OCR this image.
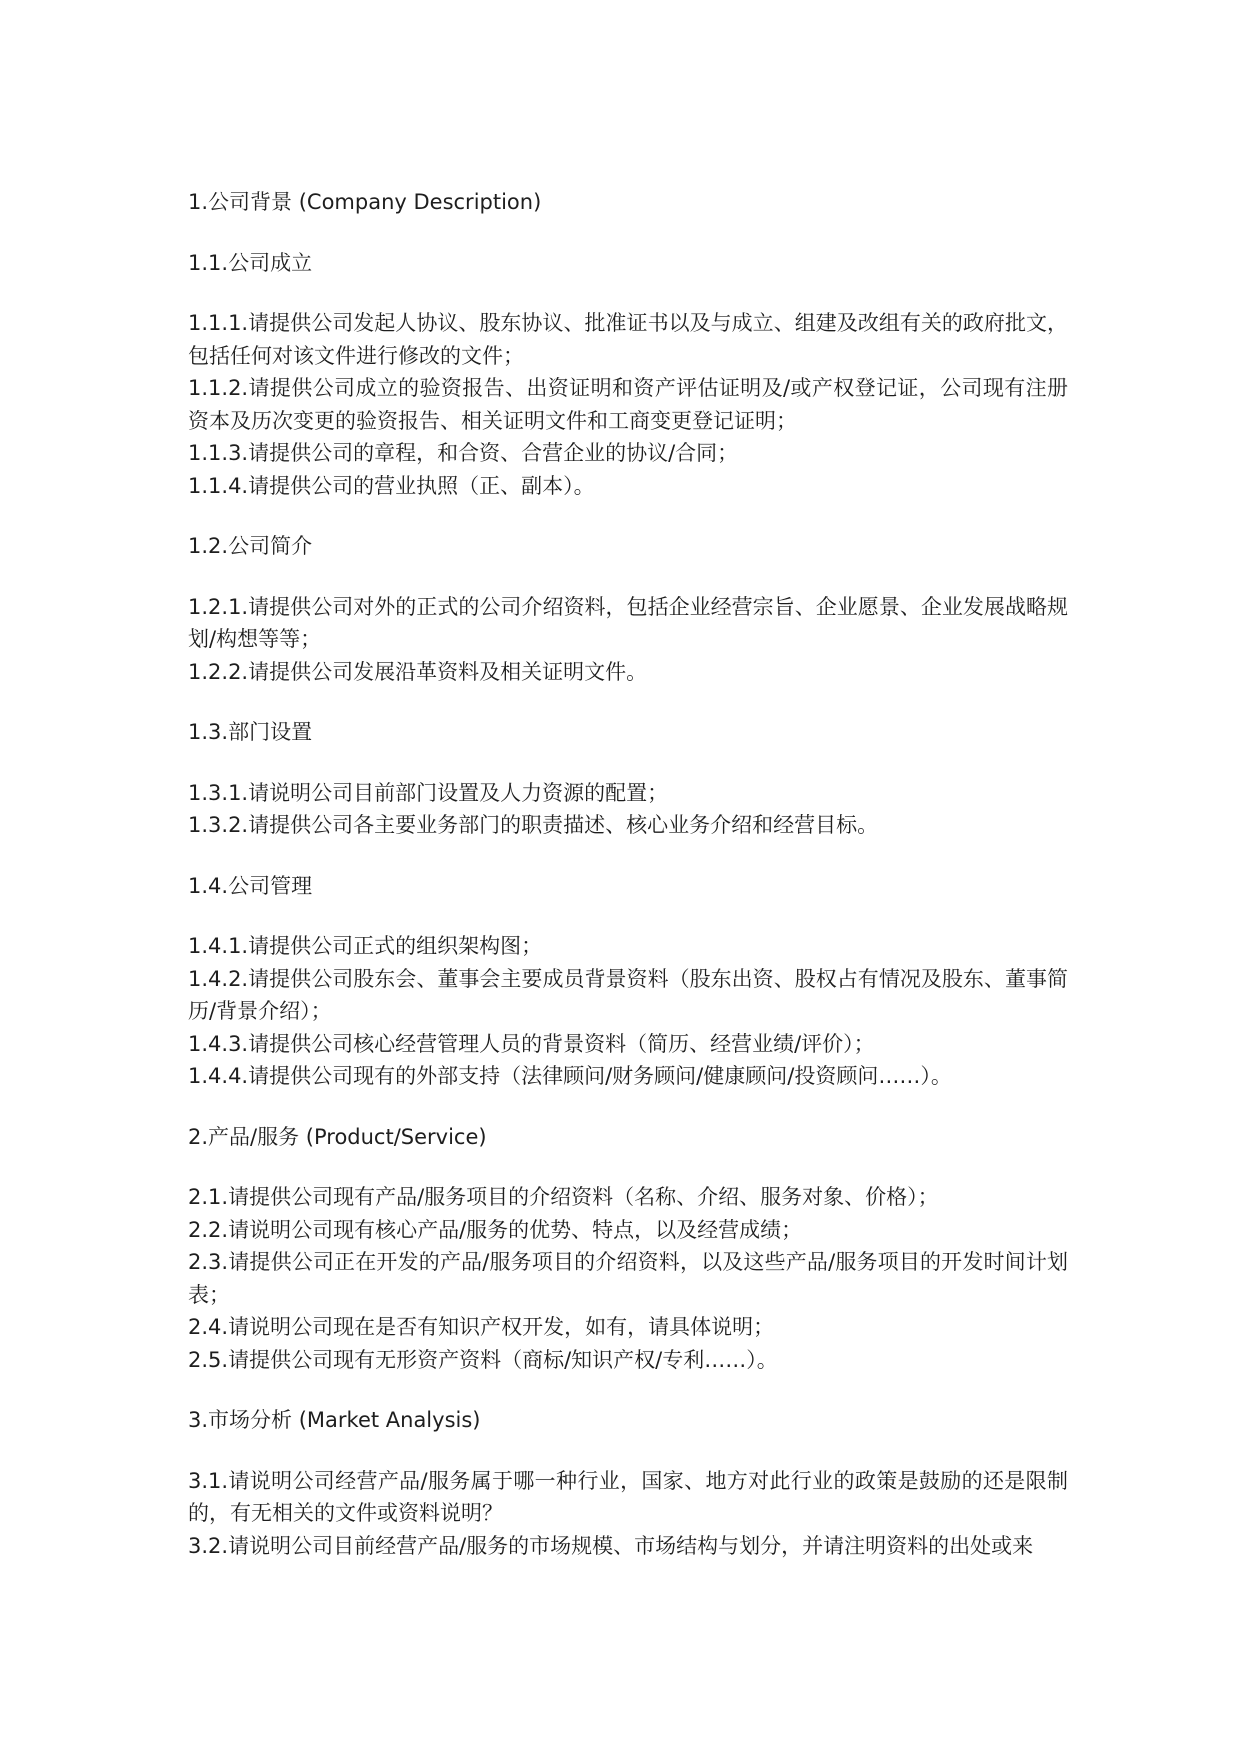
1.公司背景 (Company Description)
1.1.公司成立

1.1.1.请提供公司发起人协议、股东协议、批准证书以及与成立、组建及改组有关的政府批文，包括任何对该文件进行修改的文件；

1.1.2.请提供公司成立的验资报告、出资证明和资产评估证明及/或产权登记证，公司现有注册资本及历次变更的验资报告、相关证明文件和工商变更登记证明；

1.1.3.请提供公司的章程，和合资、合营企业的协议/合同；

1.1.4.请提供公司的营业执照（正、副本）。

1.2.公司简介

1.2.1.请提供公司对外的正式的公司介绍资料，包括企业经营宗旨、企业愿景、企业发展战略规划/构想等等；

1.2.2.请提供公司发展沿革资料及相关证明文件。

1.3.部门设置

1.3.1.请说明公司目前部门设置及人力资源的配置；

1.3.2.请提供公司各主要业务部门的职责描述、核心业务介绍和经营目标。

1.4.公司管理

1.4.1.请提供公司正式的组织架构图；

1.4.2.请提供公司股东会、董事会主要成员背景资料（股东出资、股权占有情况及股东、董事简历/背景介绍）；

1.4.3.请提供公司核心经营管理人员的背景资料（简历、经营业绩/评价）；

1.4.4.请提供公司现有的外部支持（法律顾问/财务顾问/健康顾问/投资顾问……）。

2.产品/服务 (Product/Service)

2.1.请提供公司现有产品/服务项目的介绍资料（名称、介绍、服务对象、价格）；

2.2.请说明公司现有核心产品/服务的优势、特点，以及经营成绩；

2.3.请提供公司正在开发的产品/服务项目的介绍资料，以及这些产品/服务项目的开发时间计划表；

2.4.请说明公司现在是否有知识产权开发，如有，请具体说明；

2.5.请提供公司现有无形资产资料（商标/知识产权/专利……）。

3.市场分析 (Market Analysis)

3.1.请说明公司经营产品/服务属于哪一种行业，国家、地方对此行业的政策是鼓励的还是限制的，有无相关的文件或资料说明？

3.2.请说明公司目前经营产品/服务的市场规模、市场结构与划分，并请注明资料的出处或来
